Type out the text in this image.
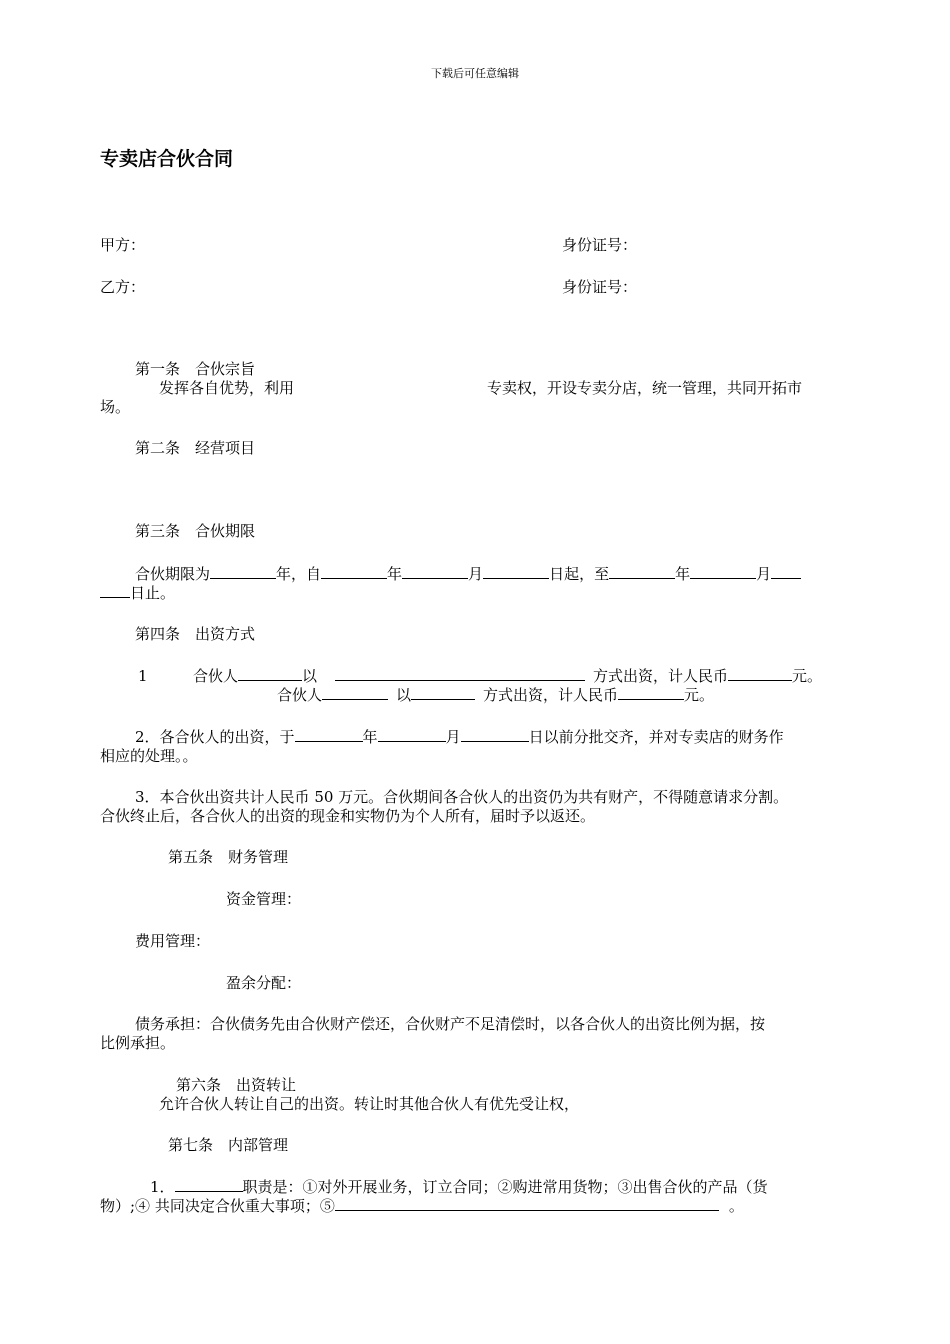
下载后可任意编辑
专卖店合伙合同
甲方：	身份证号：
乙方：	身份证号：
第一条　合伙宗旨
发挥各自优势，利用	专卖权，开设专卖分店，统一管理，共同开拓市
场。
第二条　经营项目
第三条　合伙期限
合伙期限为	年，自	年	月	日起，至	年	月
日止。
第四条　出资方式
1	合伙人	以	方式出资，计人民币	元。
合伙人	以	方式出资，计人民币	元。
2．各合伙人的出资，于	年	月	日以前分批交齐，并对专卖店的财务作
相应的处理。。
3．本合伙出资共计人民币 50 万元。合伙期间各合伙人的出资仍为共有财产，不得随意请求分割。
合伙终止后，各合伙人的出资的现金和实物仍为个人所有，届时予以返还。
第五条　财务管理
资金管理：
费用管理：
盈余分配：
债务承担：合伙债务先由合伙财产偿还，合伙财产不足清偿时，以各合伙人的出资比例为据，按
比例承担。
第六条　出资转让
允许合伙人转让自己的出资。转让时其他合伙人有优先受让权，
第七条　内部管理
1．	职责是：①对外开展业务，订立合同；②购进常用货物；③出售合伙的产品（货
物）;④ 共同决定合伙重大事项；⑤	。
